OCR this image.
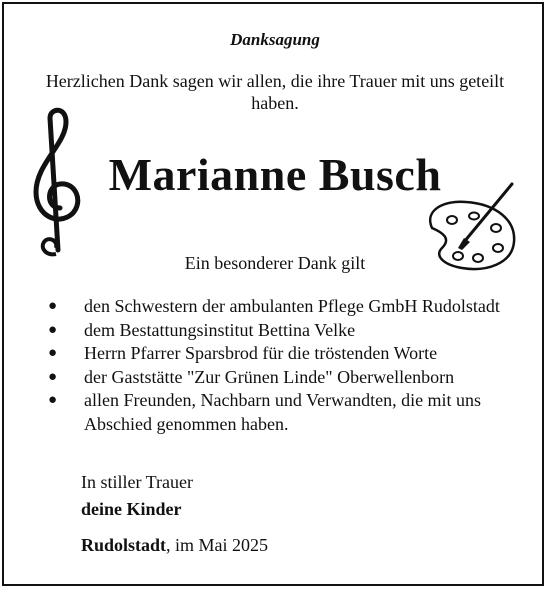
Danksagung
Herzlichen Dank sagen wir allen, die ihre Trauer mit uns geteilt haben.
Marianne Busch
Ein besonderer Dank gilt
● den Schwestern der ambulanten Pflege GmbH Rudolstadt
● dem Bestattungsinstitut Bettina Velke
● Herrn Pfarrer Sparsbrod für die tröstenden Worte
● der Gaststätte "Zur Grünen Linde" Oberwellenborn
● allen Freunden, Nachbarn und Verwandten, die mit uns Abschied genommen haben.
In stiller Trauer
deine Kinder
Rudolstadt, im Mai 2025
